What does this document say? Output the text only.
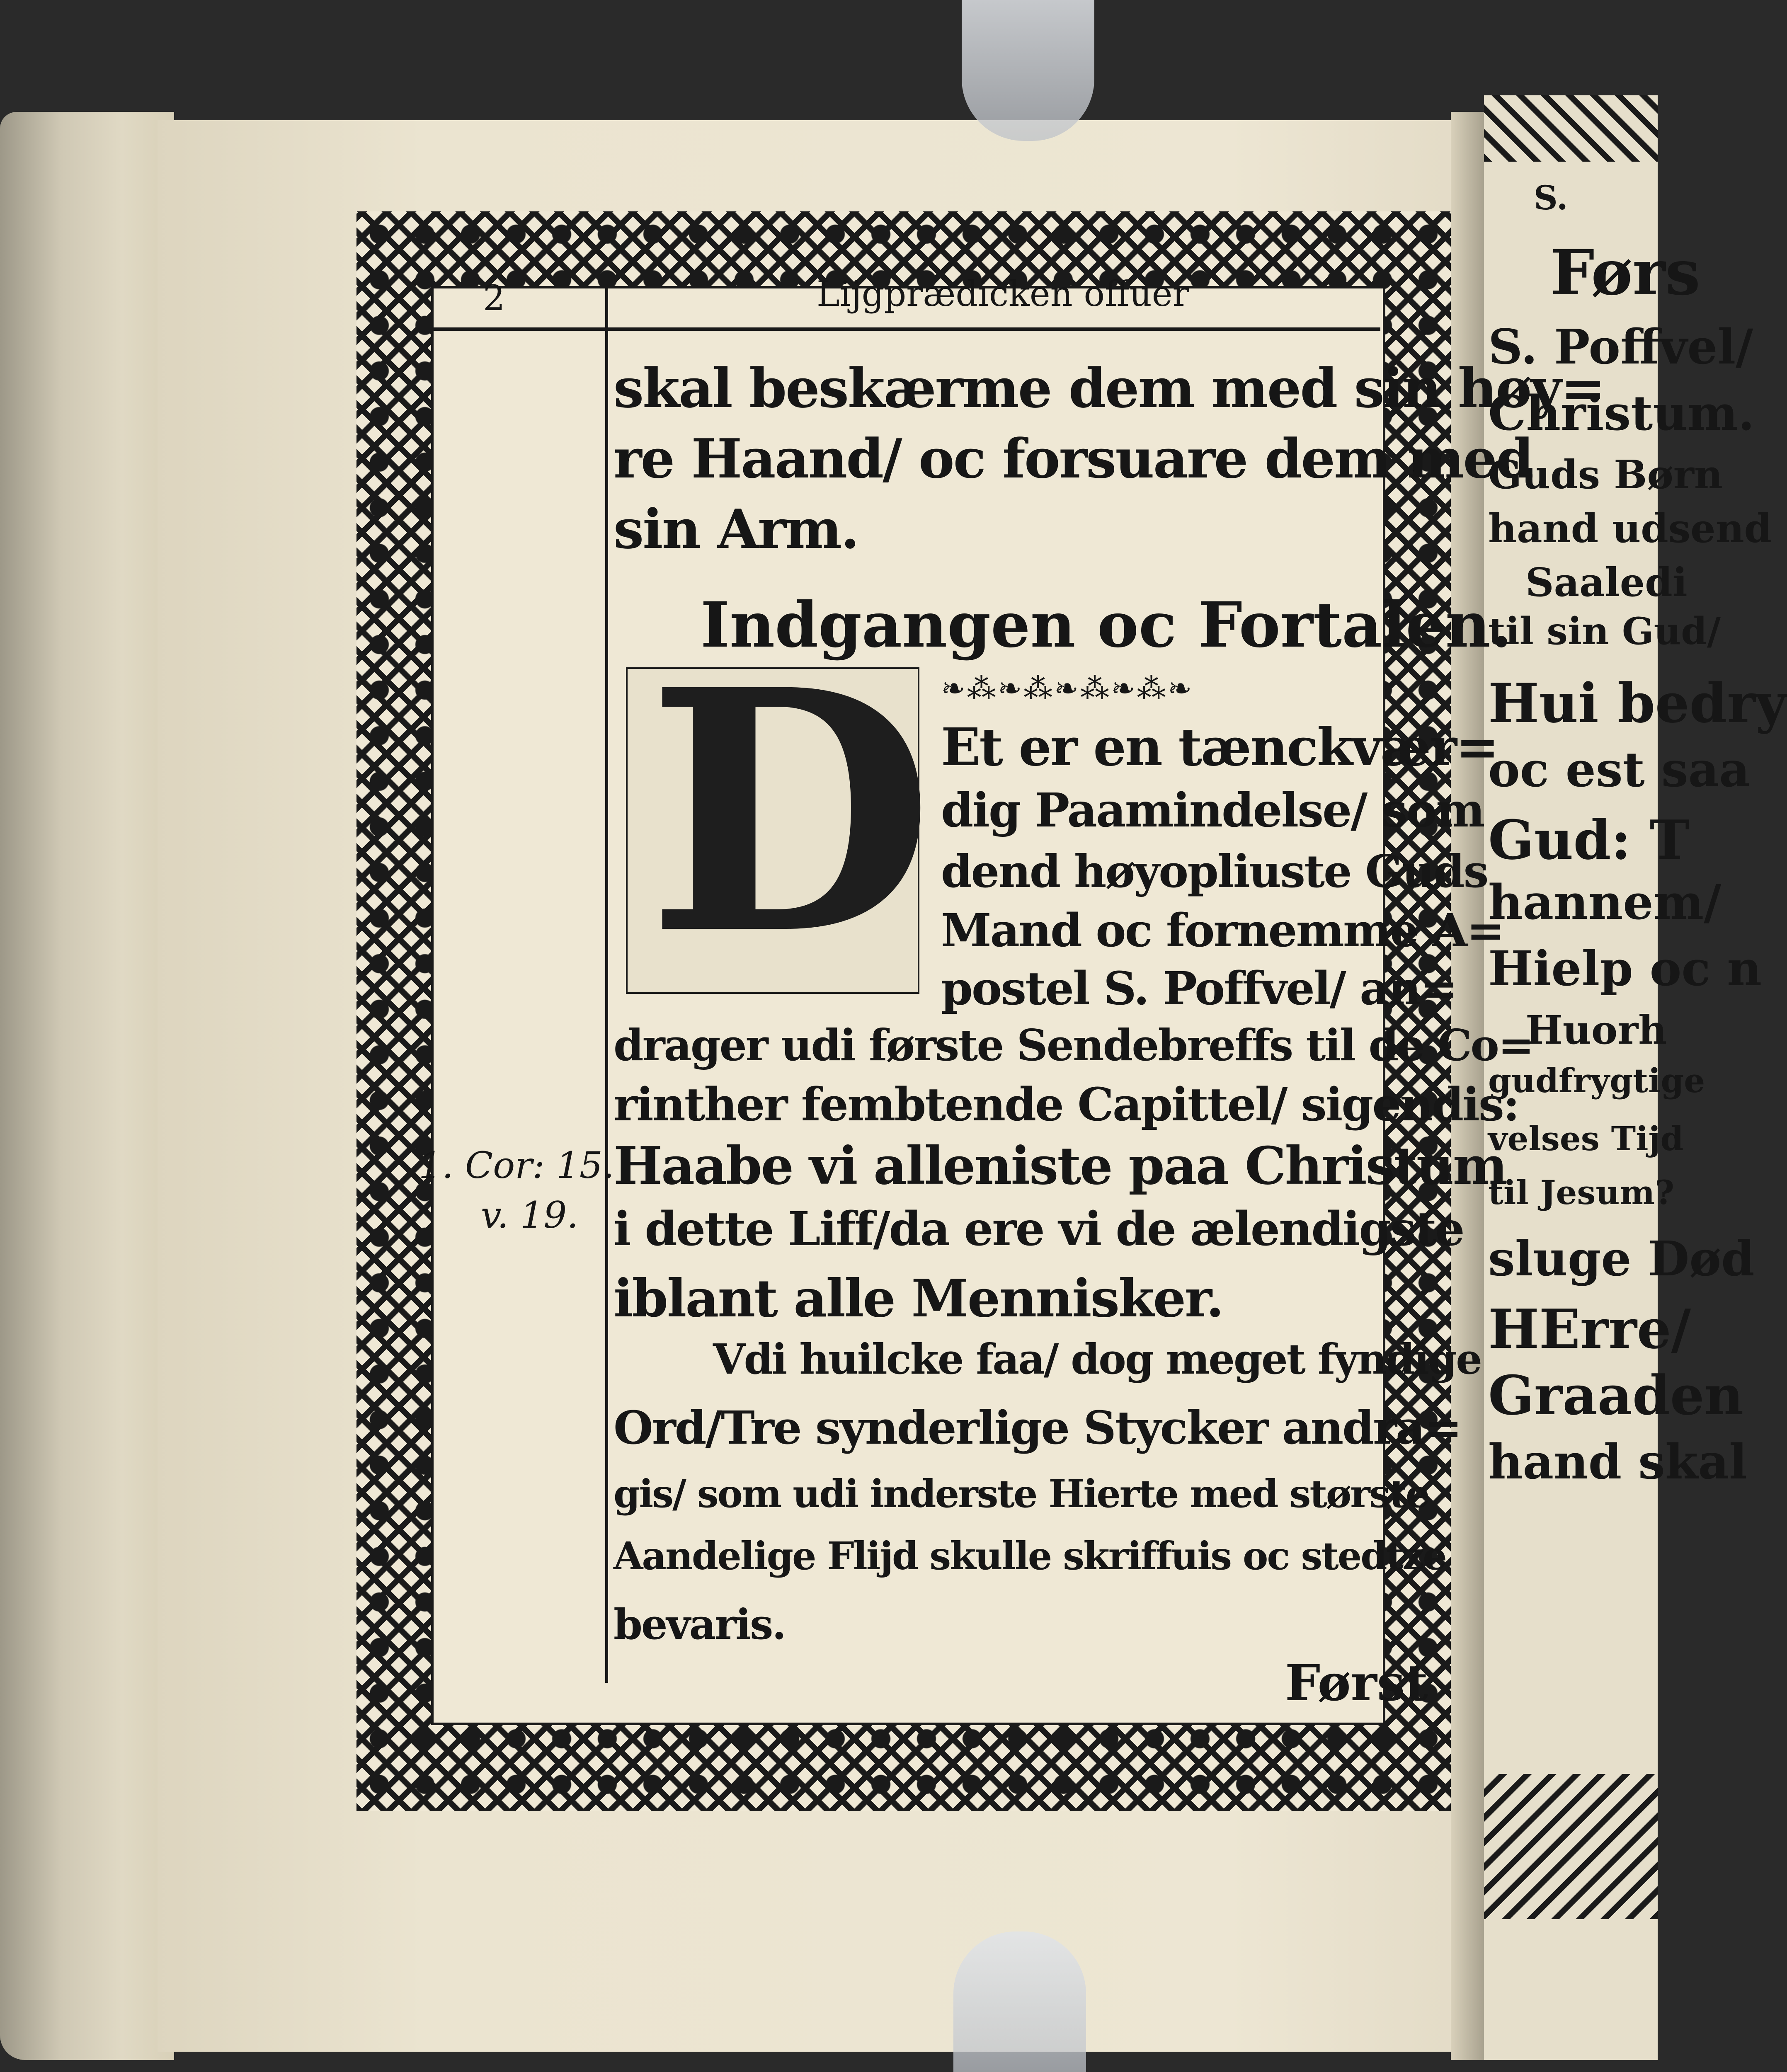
S.
Førs
S. Poffvel/
Christum.
Guds Børn
hand udsend
Saaledi
til sin Gud/
Hui bedry
oc est saa
Gud: T
hannem/
Hielp oc n
Huorh
gudfrygtige
velses Tijd
til Jesum?
sluge Død
HErre/
Graaden
hand skal
2	Lijgprædicken offuer
skal beskærme dem med sin høy=
re Haand/ oc forsuare dem med
sin Arm.
Indgangen oc Fortalen.
❧⁂❧⁂❧⁂❧⁂❧
D Et er en tænckvær=
dig Paamindelse/ som
dend høyopliuste Guds
Mand oc fornemme A=
postel S. Poffvel/ an=
drager udi første Sendebreffs til de Co=
rinther fembtende Capittel/ sigendis:
Haabe vi alleniste paa Christum
i dette Liff/da ere vi de ælendigste
iblant alle Mennisker.
1. Cor: 15.
v. 19.
Vdi huilcke faa/ dog meget fyndige
Ord/Tre synderlige Stycker andra=
gis/ som udi inderste Hierte med største
Aandelige Flijd skulle skriffuis oc stedtze
bevaris.
Først
